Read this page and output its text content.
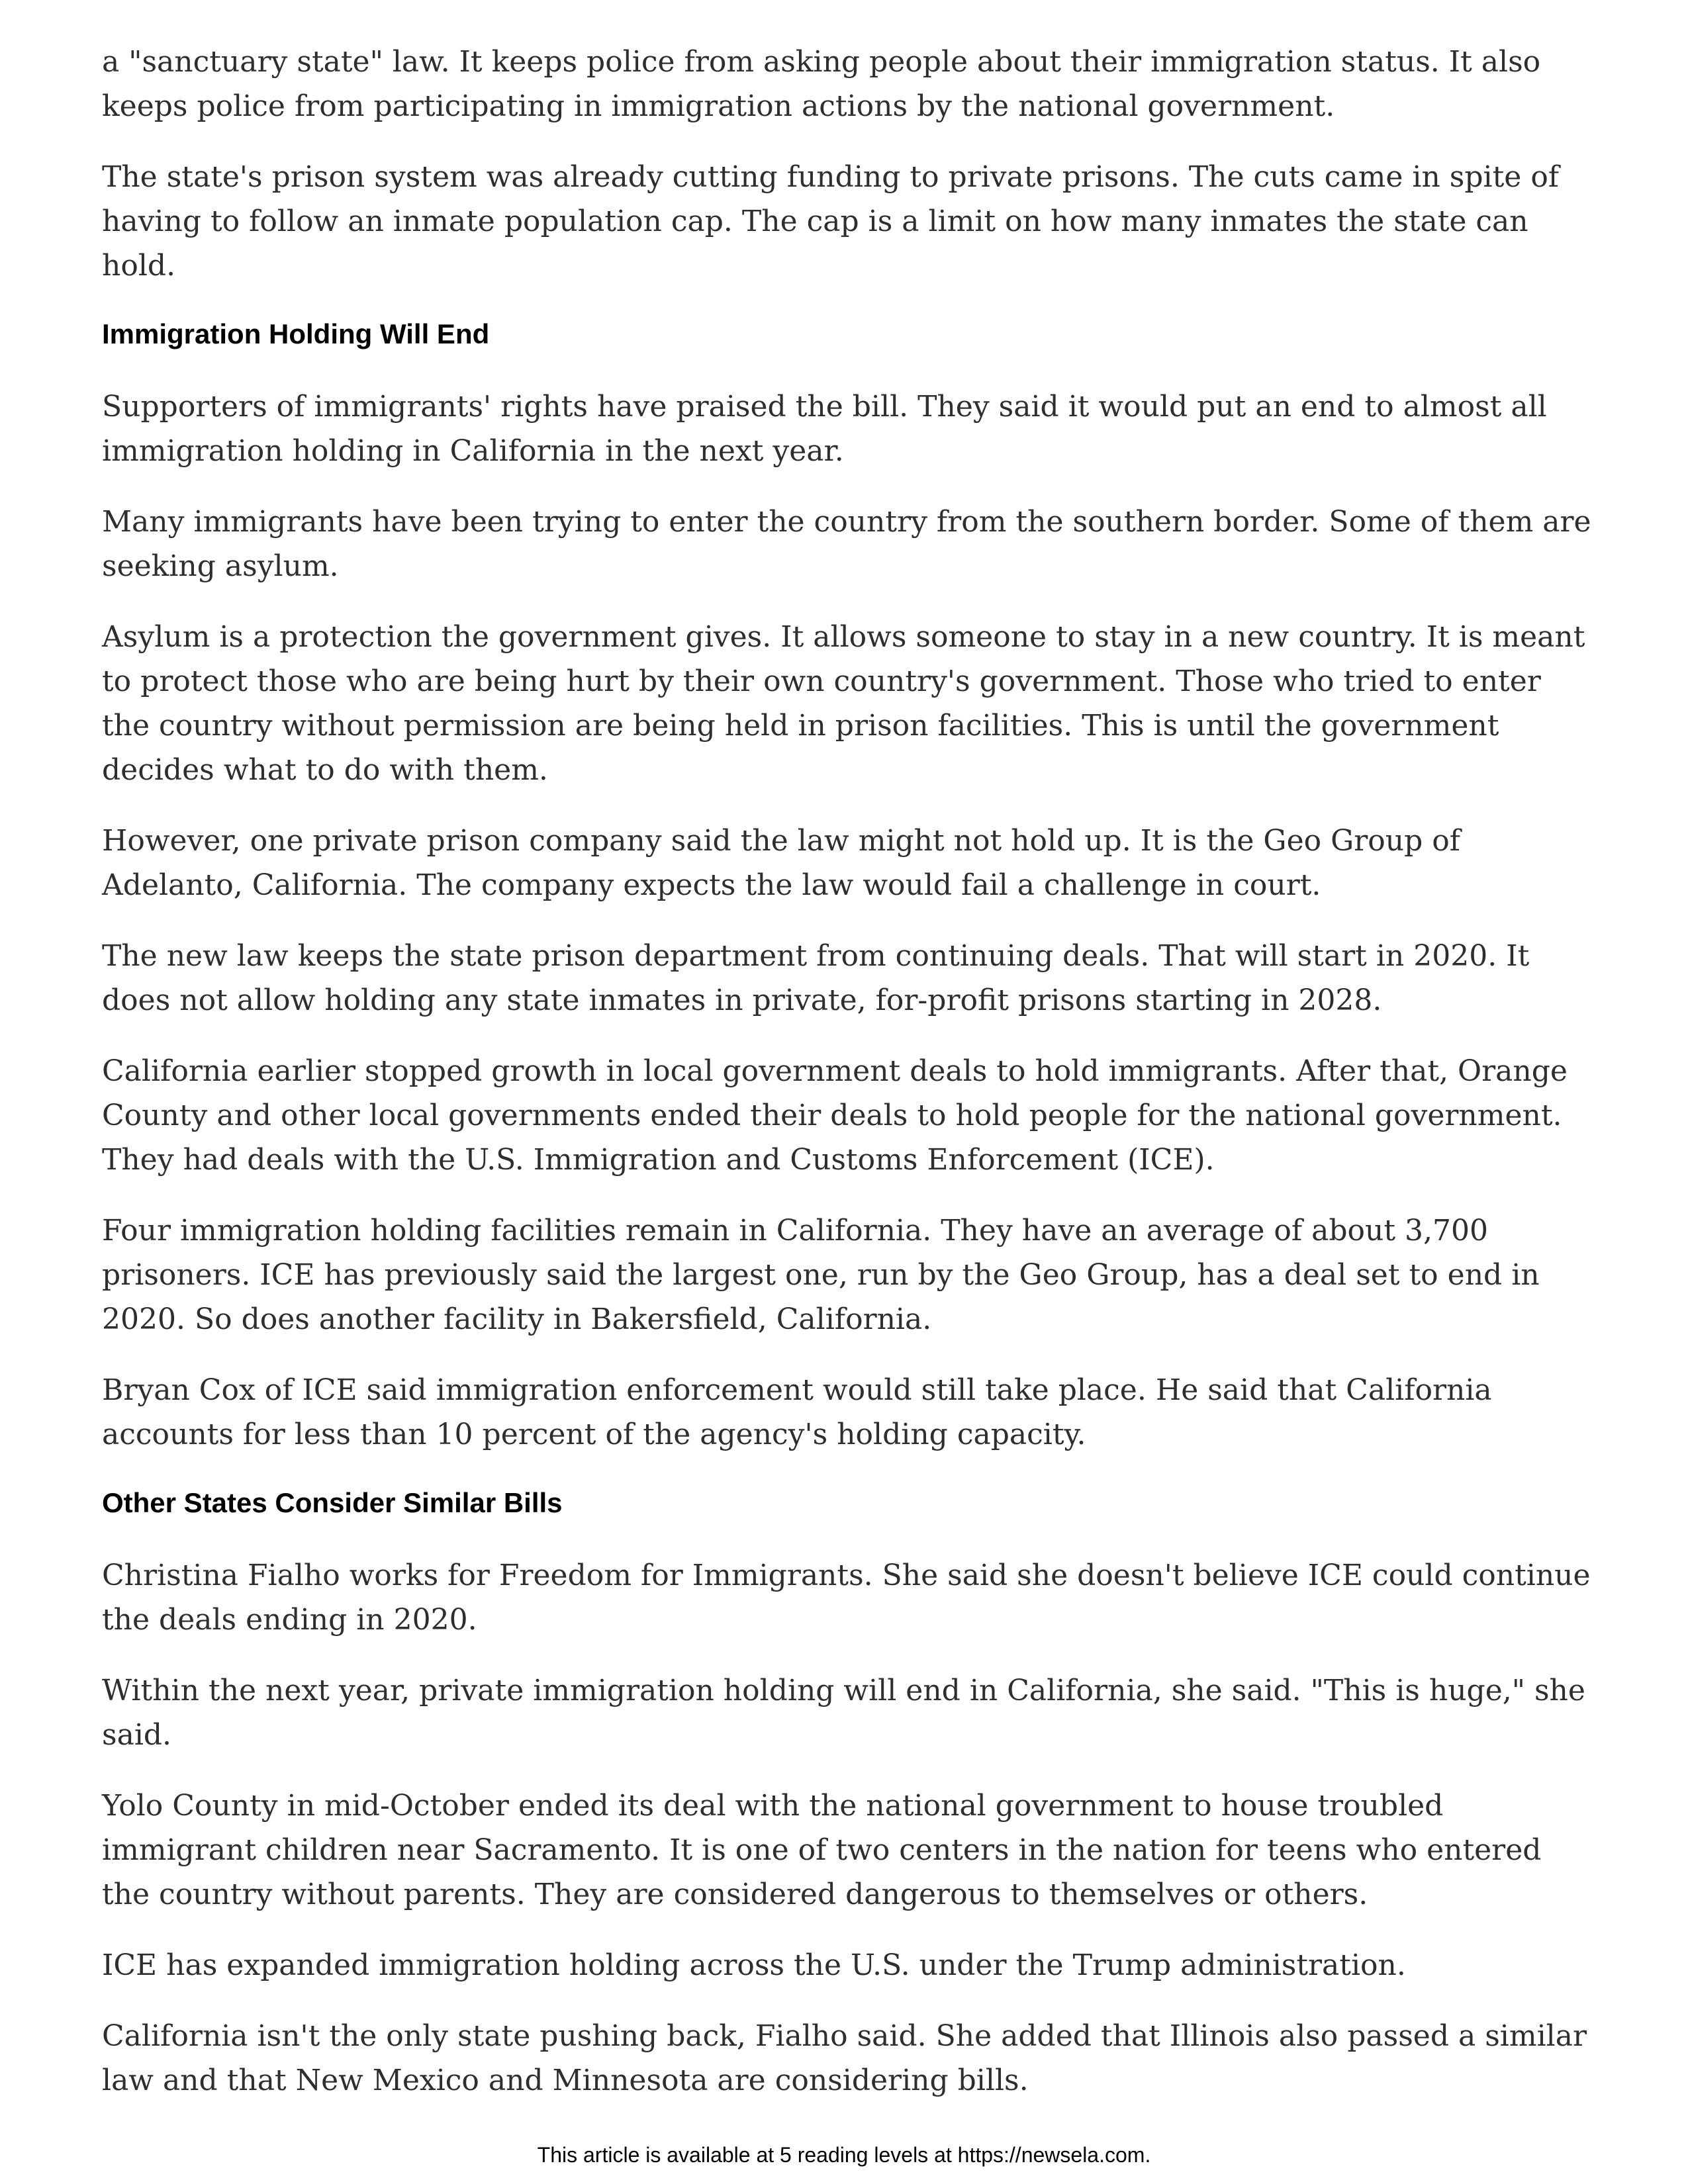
a "sanctuary state" law. It keeps police from asking people about their immigration status. It also keeps police from participating in immigration actions by the national government.

The state's prison system was already cutting funding to private prisons. The cuts came in spite of having to follow an inmate population cap. The cap is a limit on how many inmates the state can hold.

Immigration Holding Will End

Supporters of immigrants' rights have praised the bill. They said it would put an end to almost all immigration holding in California in the next year.

Many immigrants have been trying to enter the country from the southern border. Some of them are seeking asylum.

Asylum is a protection the government gives. It allows someone to stay in a new country. It is meant to protect those who are being hurt by their own country's government. Those who tried to enter the country without permission are being held in prison facilities. This is until the government decides what to do with them.

However, one private prison company said the law might not hold up. It is the Geo Group of Adelanto, California. The company expects the law would fail a challenge in court.

The new law keeps the state prison department from continuing deals. That will start in 2020. It does not allow holding any state inmates in private, for-profit prisons starting in 2028.

California earlier stopped growth in local government deals to hold immigrants. After that, Orange County and other local governments ended their deals to hold people for the national government. They had deals with the U.S. Immigration and Customs Enforcement (ICE).

Four immigration holding facilities remain in California. They have an average of about 3,700 prisoners. ICE has previously said the largest one, run by the Geo Group, has a deal set to end in 2020. So does another facility in Bakersfield, California.

Bryan Cox of ICE said immigration enforcement would still take place. He said that California accounts for less than 10 percent of the agency's holding capacity.

Other States Consider Similar Bills

Christina Fialho works for Freedom for Immigrants. She said she doesn't believe ICE could continue the deals ending in 2020.

Within the next year, private immigration holding will end in California, she said. "This is huge," she said.

Yolo County in mid-October ended its deal with the national government to house troubled immigrant children near Sacramento. It is one of two centers in the nation for teens who entered the country without parents. They are considered dangerous to themselves or others.

ICE has expanded immigration holding across the U.S. under the Trump administration.

California isn't the only state pushing back, Fialho said. She added that Illinois also passed a similar law and that New Mexico and Minnesota are considering bills.

This article is available at 5 reading levels at https://newsela.com.
